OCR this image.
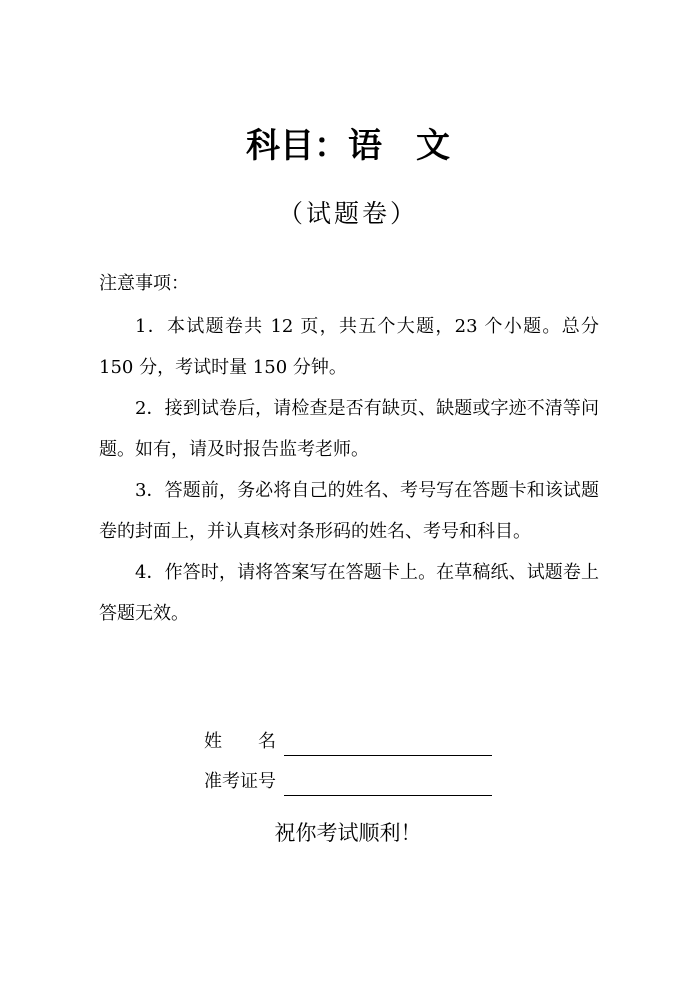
科目：语　文
（试题卷）
注意事项：
1．本试题卷共 12 页，共五个大题，23 个小题。总分 150 分，考试时量 150 分钟。
2．接到试卷后，请检查是否有缺页、缺题或字迹不清等问题。如有，请及时报告监考老师。
3．答题前，务必将自己的姓名、考号写在答题卡和该试题卷的封面上，并认真核对条形码的姓名、考号和科目。
4．作答时，请将答案写在答题卡上。在草稿纸、试题卷上答题无效。
姓　　名
准考证号
祝你考试顺利！
